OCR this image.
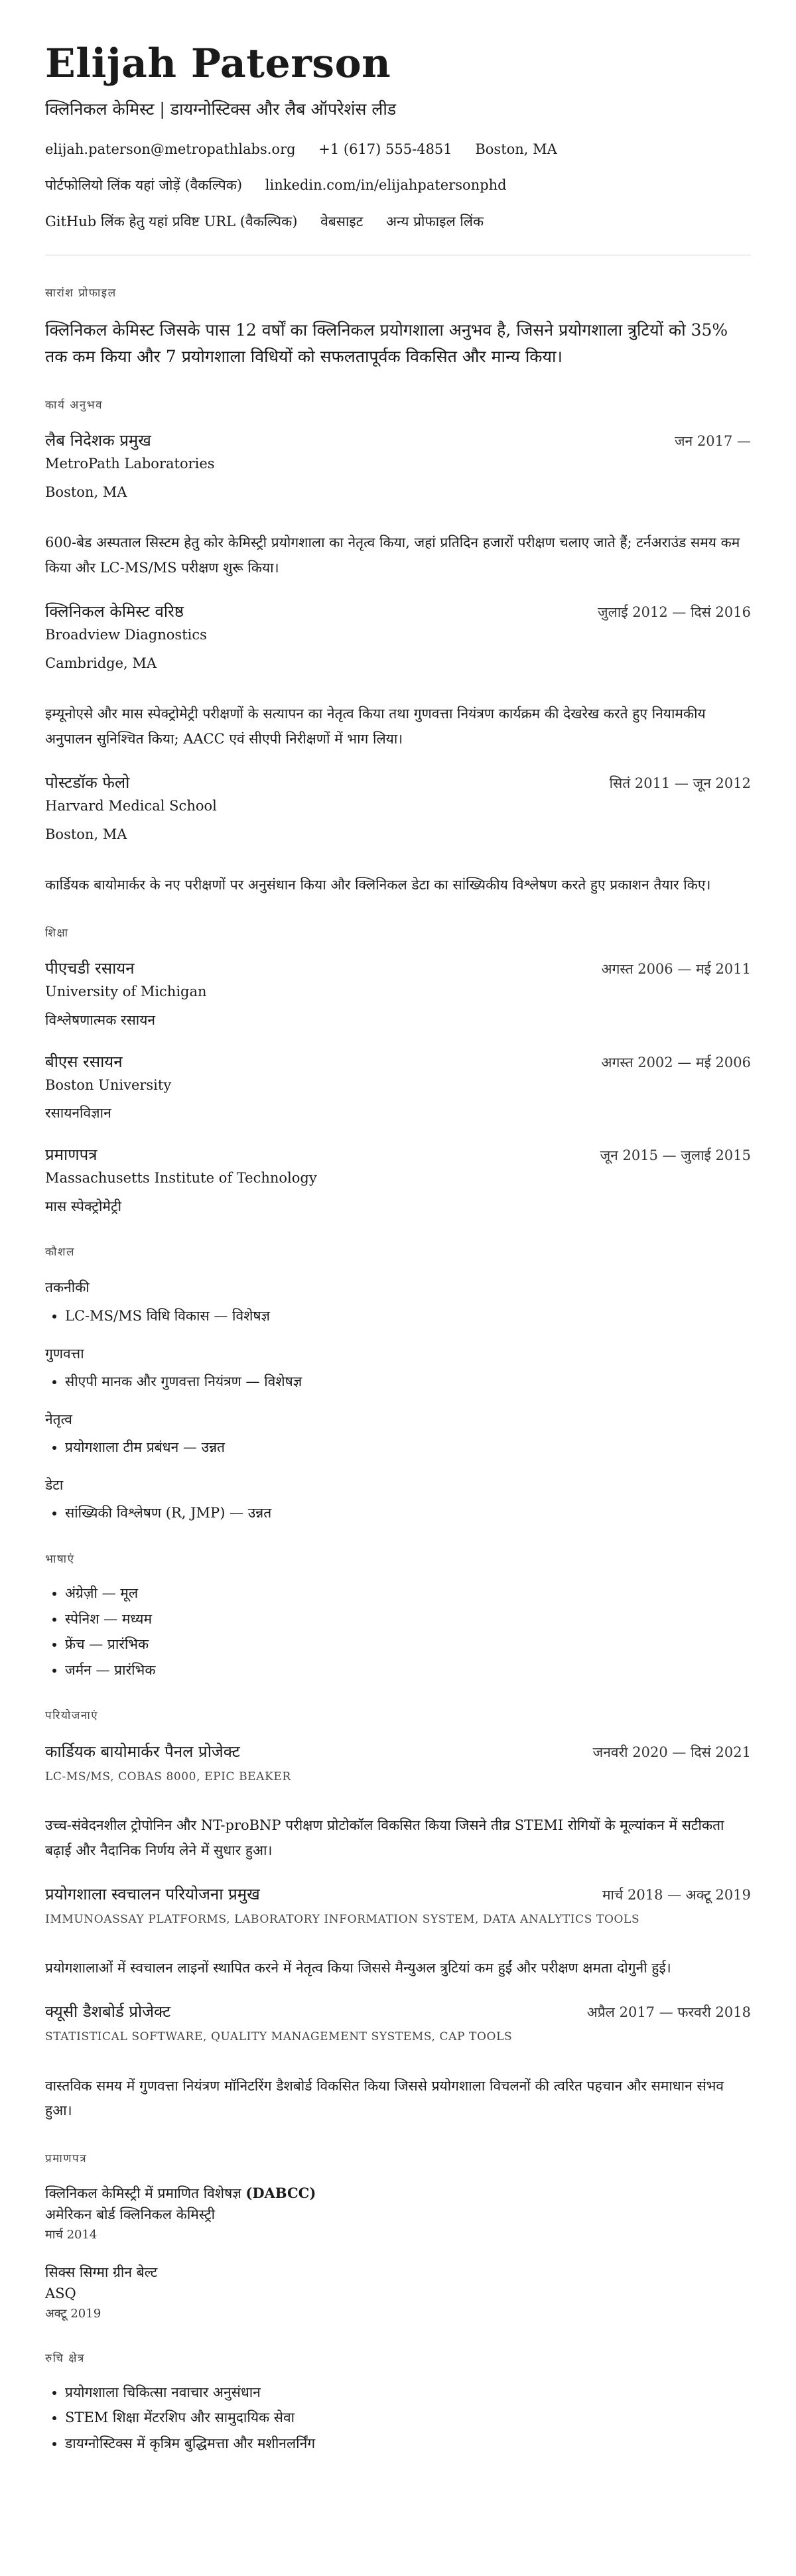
Elijah Paterson
क्लिनिकल केमिस्ट | डायग्नोस्टिक्स और लैब ऑपरेशंस लीड
elijah.paterson@metropathlabs.org +1 (617) 555-4851 Boston, MA
पोर्टफोलियो लिंक यहां जोड़ें (वैकल्पिक) linkedin.com/in/elijahpatersonphd
GitHub लिंक हेतु यहां प्रविष्ट URL (वैकल्पिक) वेबसाइट अन्य प्रोफाइल लिंक
सारांश प्रोफाइल
क्लिनिकल केमिस्ट जिसके पास 12 वर्षों का क्लिनिकल प्रयोगशाला अनुभव है, जिसने प्रयोगशाला त्रुटियों को 35% तक कम किया और 7 प्रयोगशाला विधियों को सफलतापूर्वक विकसित और मान्य किया।
कार्य अनुभव
लैब निदेशक प्रमुख	जन 2017 —
MetroPath Laboratories
Boston, MA
600-बेड अस्पताल सिस्टम हेतु कोर केमिस्ट्री प्रयोगशाला का नेतृत्व किया, जहां प्रतिदिन हजारों परीक्षण चलाए जाते हैं; टर्नअराउंड समय कम किया और LC-MS/MS परीक्षण शुरू किया।
क्लिनिकल केमिस्ट वरिष्ठ	जुलाई 2012 — दिसं 2016
Broadview Diagnostics
Cambridge, MA
इम्यूनोएसे और मास स्पेक्ट्रोमेट्री परीक्षणों के सत्यापन का नेतृत्व किया तथा गुणवत्ता नियंत्रण कार्यक्रम की देखरेख करते हुए नियामकीय अनुपालन सुनिश्चित किया; AACC एवं सीएपी निरीक्षणों में भाग लिया।
पोस्टडॉक फेलो	सितं 2011 — जून 2012
Harvard Medical School
Boston, MA
कार्डियक बायोमार्कर के नए परीक्षणों पर अनुसंधान किया और क्लिनिकल डेटा का सांख्यिकीय विश्लेषण करते हुए प्रकाशन तैयार किए।
शिक्षा
पीएचडी रसायन	अगस्त 2006 — मई 2011
University of Michigan
विश्लेषणात्मक रसायन
बीएस रसायन	अगस्त 2002 — मई 2006
Boston University
रसायनविज्ञान
प्रमाणपत्र	जून 2015 — जुलाई 2015
Massachusetts Institute of Technology
मास स्पेक्ट्रोमेट्री
कौशल
तकनीकी
• LC-MS/MS विधि विकास — विशेषज्ञ
गुणवत्ता
• सीएपी मानक और गुणवत्ता नियंत्रण — विशेषज्ञ
नेतृत्व
• प्रयोगशाला टीम प्रबंधन — उन्नत
डेटा
• सांख्यिकी विश्लेषण (R, JMP) — उन्नत
भाषाएं
• अंग्रेज़ी — मूल
• स्पेनिश — मध्यम
• फ्रेंच — प्रारंभिक
• जर्मन — प्रारंभिक
परियोजनाएं
कार्डियक बायोमार्कर पैनल प्रोजेक्ट	जनवरी 2020 — दिसं 2021
LC-MS/MS, COBAS 8000, EPIC BEAKER
उच्च-संवेदनशील ट्रोपोनिन और NT-proBNP परीक्षण प्रोटोकॉल विकसित किया जिसने तीव्र STEMI रोगियों के मूल्यांकन में सटीकता बढ़ाई और नैदानिक निर्णय लेने में सुधार हुआ।
प्रयोगशाला स्वचालन परियोजना प्रमुख	मार्च 2018 — अक्टू 2019
IMMUNOASSAY PLATFORMS, LABORATORY INFORMATION SYSTEM, DATA ANALYTICS TOOLS
प्रयोगशालाओं में स्वचालन लाइनों स्थापित करने में नेतृत्व किया जिससे मैन्युअल त्रुटियां कम हुईं और परीक्षण क्षमता दोगुनी हुई।
क्यूसी डैशबोर्ड प्रोजेक्ट	अप्रैल 2017 — फरवरी 2018
STATISTICAL SOFTWARE, QUALITY MANAGEMENT SYSTEMS, CAP TOOLS
वास्तविक समय में गुणवत्ता नियंत्रण मॉनिटरिंग डैशबोर्ड विकसित किया जिससे प्रयोगशाला विचलनों की त्वरित पहचान और समाधान संभव हुआ।
प्रमाणपत्र
क्लिनिकल केमिस्ट्री में प्रमाणित विशेषज्ञ (DABCC)
अमेरिकन बोर्ड क्लिनिकल केमिस्ट्री
मार्च 2014
सिक्स सिग्मा ग्रीन बेल्ट
ASQ
अक्टू 2019
रुचि क्षेत्र
• प्रयोगशाला चिकित्सा नवाचार अनुसंधान
• STEM शिक्षा मेंटरशिप और सामुदायिक सेवा
• डायग्नोस्टिक्स में कृत्रिम बुद्धिमत्ता और मशीनलर्निंग
